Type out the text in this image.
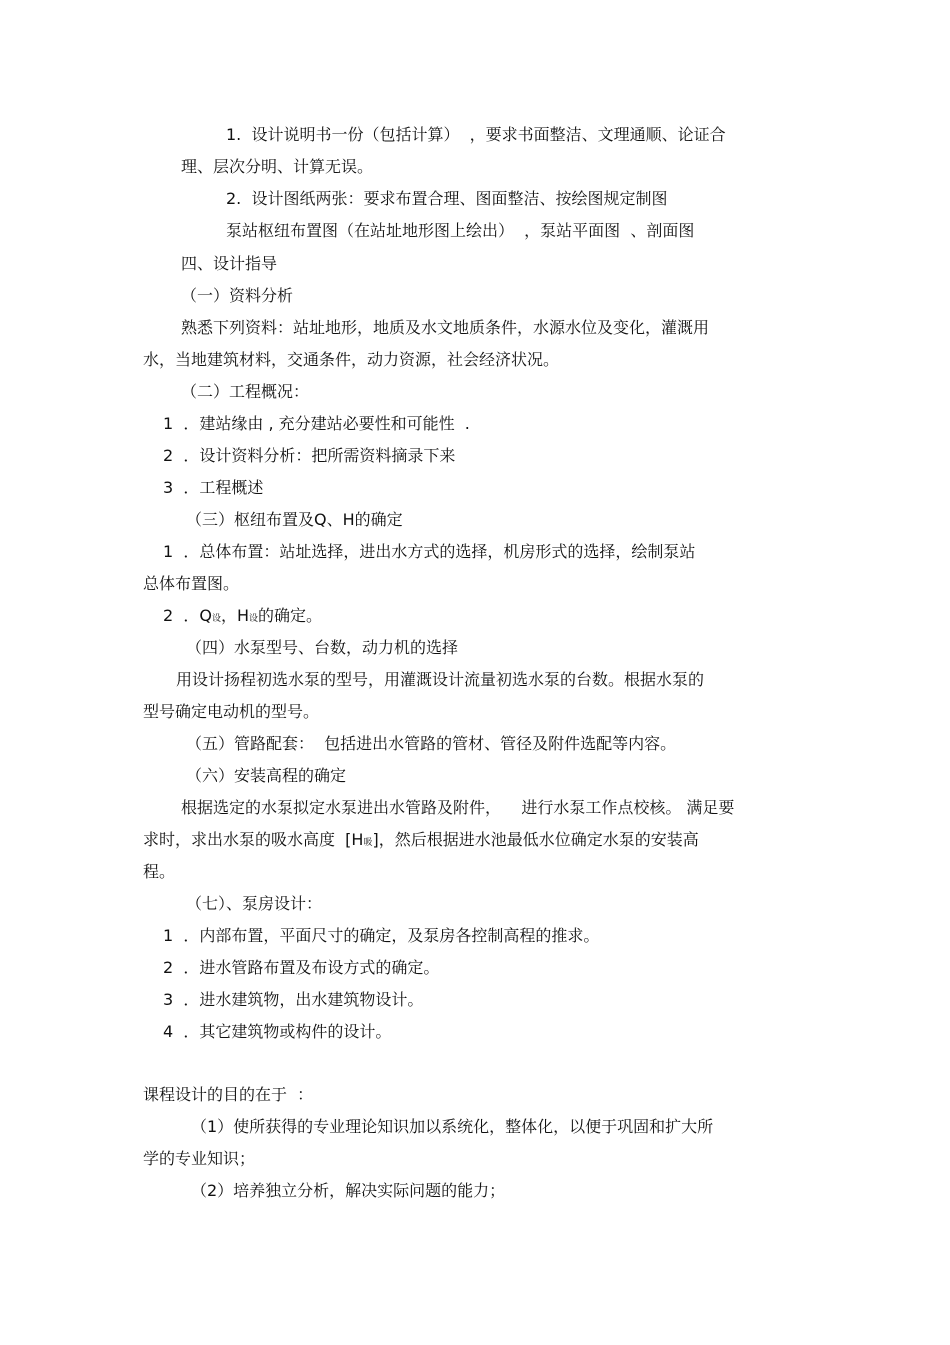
1.  设计说明书一份（包括计算）  ，要求书面整洁、文理通顺、论证合
理、层次分明、计算无误。
2.  设计图纸两张：要求布置合理、图面整洁、按绘图规定制图
泵站枢纽布置图（在站址地形图上绘出）  ，泵站平面图  、剖面图
四、设计指导
（一）资料分析
熟悉下列资料：站址地形，地质及水文地质条件，水源水位及变化，灌溉用
水，当地建筑材料，交通条件，动力资源，社会经济状况。
（二）工程概况：
1  ．建站缘由 , 充分建站必要性和可能性  .
2  ．设计资料分析：把所需资料摘录下来
3  ．工程概述
（三）枢纽布置及Q、H的确定
1  ．总体布置：站址选择，进出水方式的选择，机房形式的选择，绘制泵站
总体布置图。
2  ．Q设，H设的确定。
（四）水泵型号、台数，动力机的选择
用设计扬程初选水泵的型号，用灌溉设计流量初选水泵的台数。根据水泵的
型号确定电动机的型号。
（五）管路配套：  包括进出水管路的管材、管径及附件选配等内容。
（六）安装高程的确定
根据选定的水泵拟定水泵进出水管路及附件，    进行水泵工作点校核。 满足要
求时，求出水泵的吸水高度  [H吸]，然后根据进水池最低水位确定水泵的安装高
程。
（七）、泵房设计：
1  ．内部布置，平面尺寸的确定，及泵房各控制高程的推求。
2  ．进水管路布置及布设方式的确定。
3  ．进水建筑物，出水建筑物设计。
4  ．其它建筑物或构件的设计。
课程设计的目的在于  ：
（1）使所获得的专业理论知识加以系统化，整体化，以便于巩固和扩大所
学的专业知识；
（2）培养独立分析，解决实际问题的能力；
